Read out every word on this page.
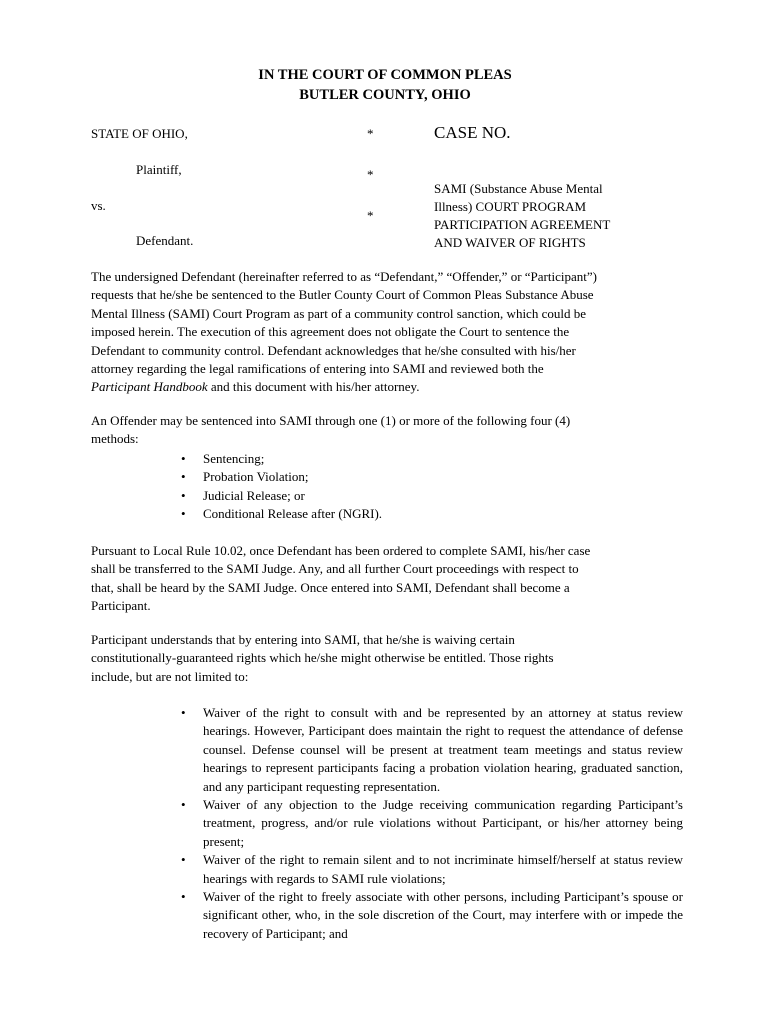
IN THE COURT OF COMMON PLEAS
BUTLER COUNTY, OHIO
STATE OF OHIO,
Plaintiff,
vs.
Defendant.
*
*
*
CASE NO.
SAMI (Substance Abuse Mental
Illness) COURT PROGRAM
PARTICIPATION AGREEMENT
AND WAIVER OF RIGHTS
The undersigned Defendant (hereinafter referred to as “Defendant,” “Offender,” or “Participant”)
requests that he/she be sentenced to the Butler County Court of Common Pleas Substance Abuse
Mental Illness (SAMI) Court Program as part of a community control sanction, which could be
imposed herein. The execution of this agreement does not obligate the Court to sentence the
Defendant to community control. Defendant acknowledges that he/she consulted with his/her
attorney regarding the legal ramifications of entering into SAMI and reviewed both the
Participant Handbook and this document with his/her attorney.
An Offender may be sentenced into SAMI through one (1) or more of the following four (4)
methods:
• Sentencing;
• Probation Violation;
• Judicial Release; or
• Conditional Release after (NGRI).
Pursuant to Local Rule 10.02, once Defendant has been ordered to complete SAMI, his/her case
shall be transferred to the SAMI Judge. Any, and all further Court proceedings with respect to
that, shall be heard by the SAMI Judge. Once entered into SAMI, Defendant shall become a
Participant.
Participant understands that by entering into SAMI, that he/she is waiving certain
constitutionally-guaranteed rights which he/she might otherwise be entitled. Those rights
include, but are not limited to:
• Waiver of the right to consult with and be represented by an attorney at status review hearings. However, Participant does maintain the right to request the attendance of defense counsel. Defense counsel will be present at treatment team meetings and status review hearings to represent participants facing a probation violation hearing, graduated sanction, and any participant requesting representation.
• Waiver of any objection to the Judge receiving communication regarding Participant’s treatment, progress, and/or rule violations without Participant, or his/her attorney being present;
• Waiver of the right to remain silent and to not incriminate himself/herself at status review hearings with regards to SAMI rule violations;
• Waiver of the right to freely associate with other persons, including Participant’s spouse or significant other, who, in the sole discretion of the Court, may interfere with or impede the recovery of Participant; and
